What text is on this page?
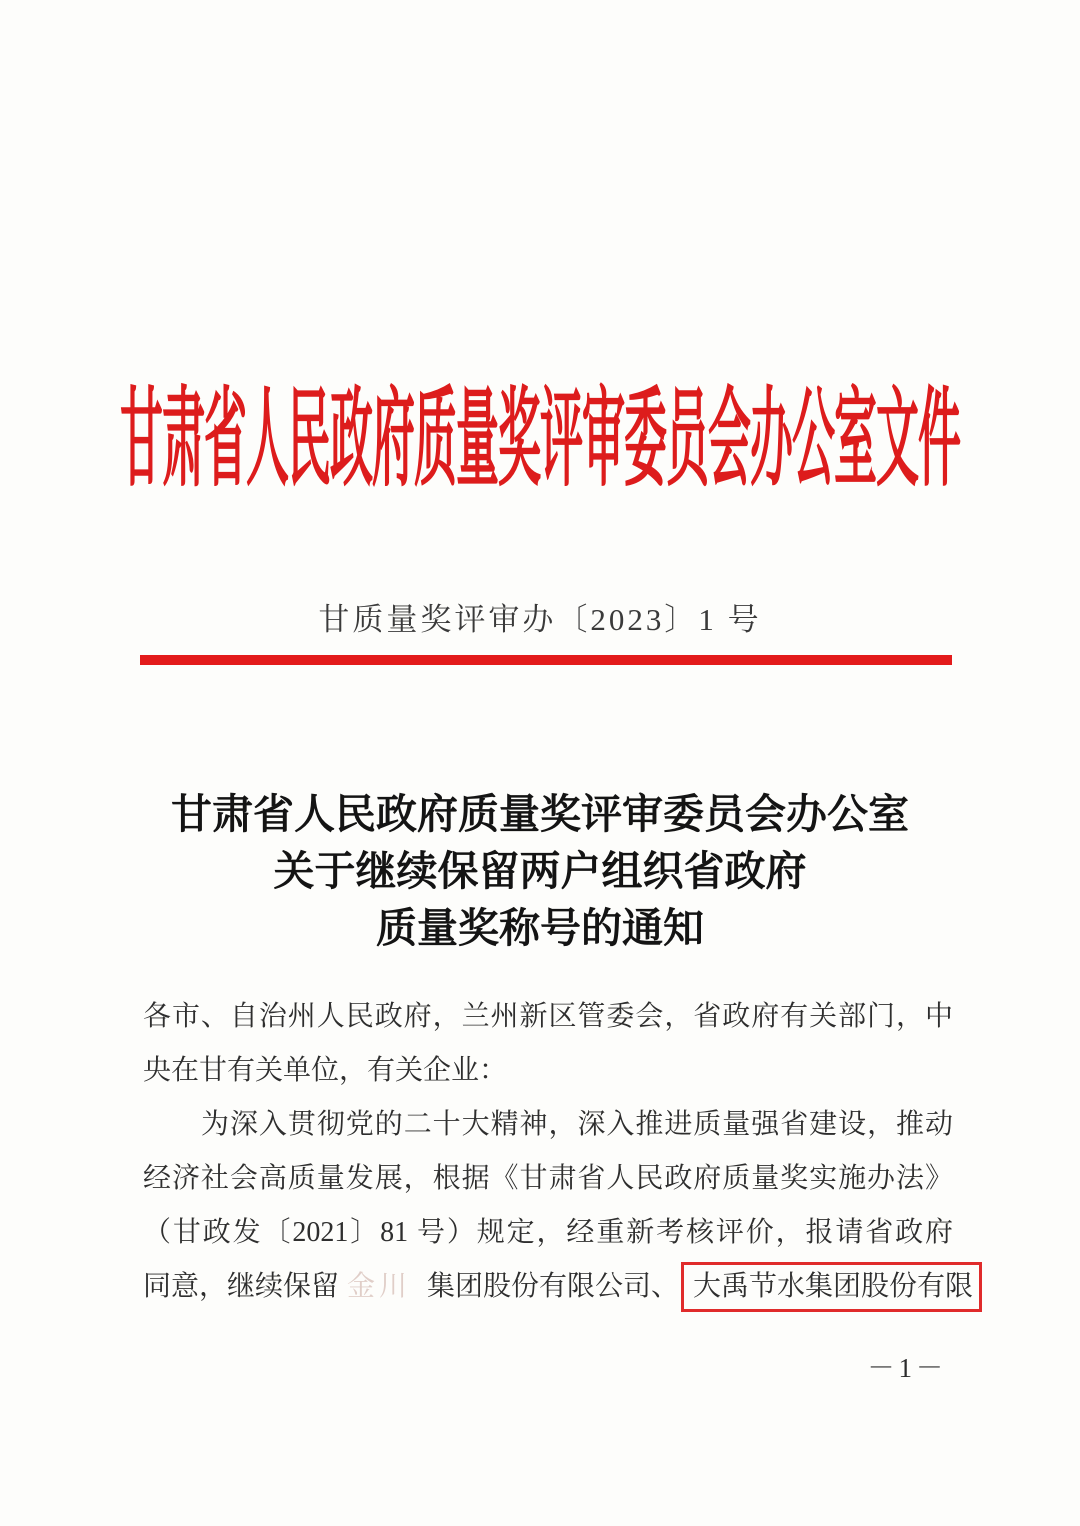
甘肃省人民政府质量奖评审委员会办公室文件
甘质量奖评审办〔2023〕1 号
甘肃省人民政府质量奖评审委员会办公室
关于继续保留两户组织省政府
质量奖称号的通知
各市、自治州人民政府，兰州新区管委会，省政府有关部门，中
央在甘有关单位，有关企业：
为深入贯彻党的二十大精神，深入推进质量强省建设，推动
经济社会高质量发展，根据《甘肃省人民政府质量奖实施办法》
（甘政发〔2021〕81 号）规定，经重新考核评价，报请省政府
同意，继续保留 金川 集团股份有限公司、 大禹节水集团股份有限
－1－
